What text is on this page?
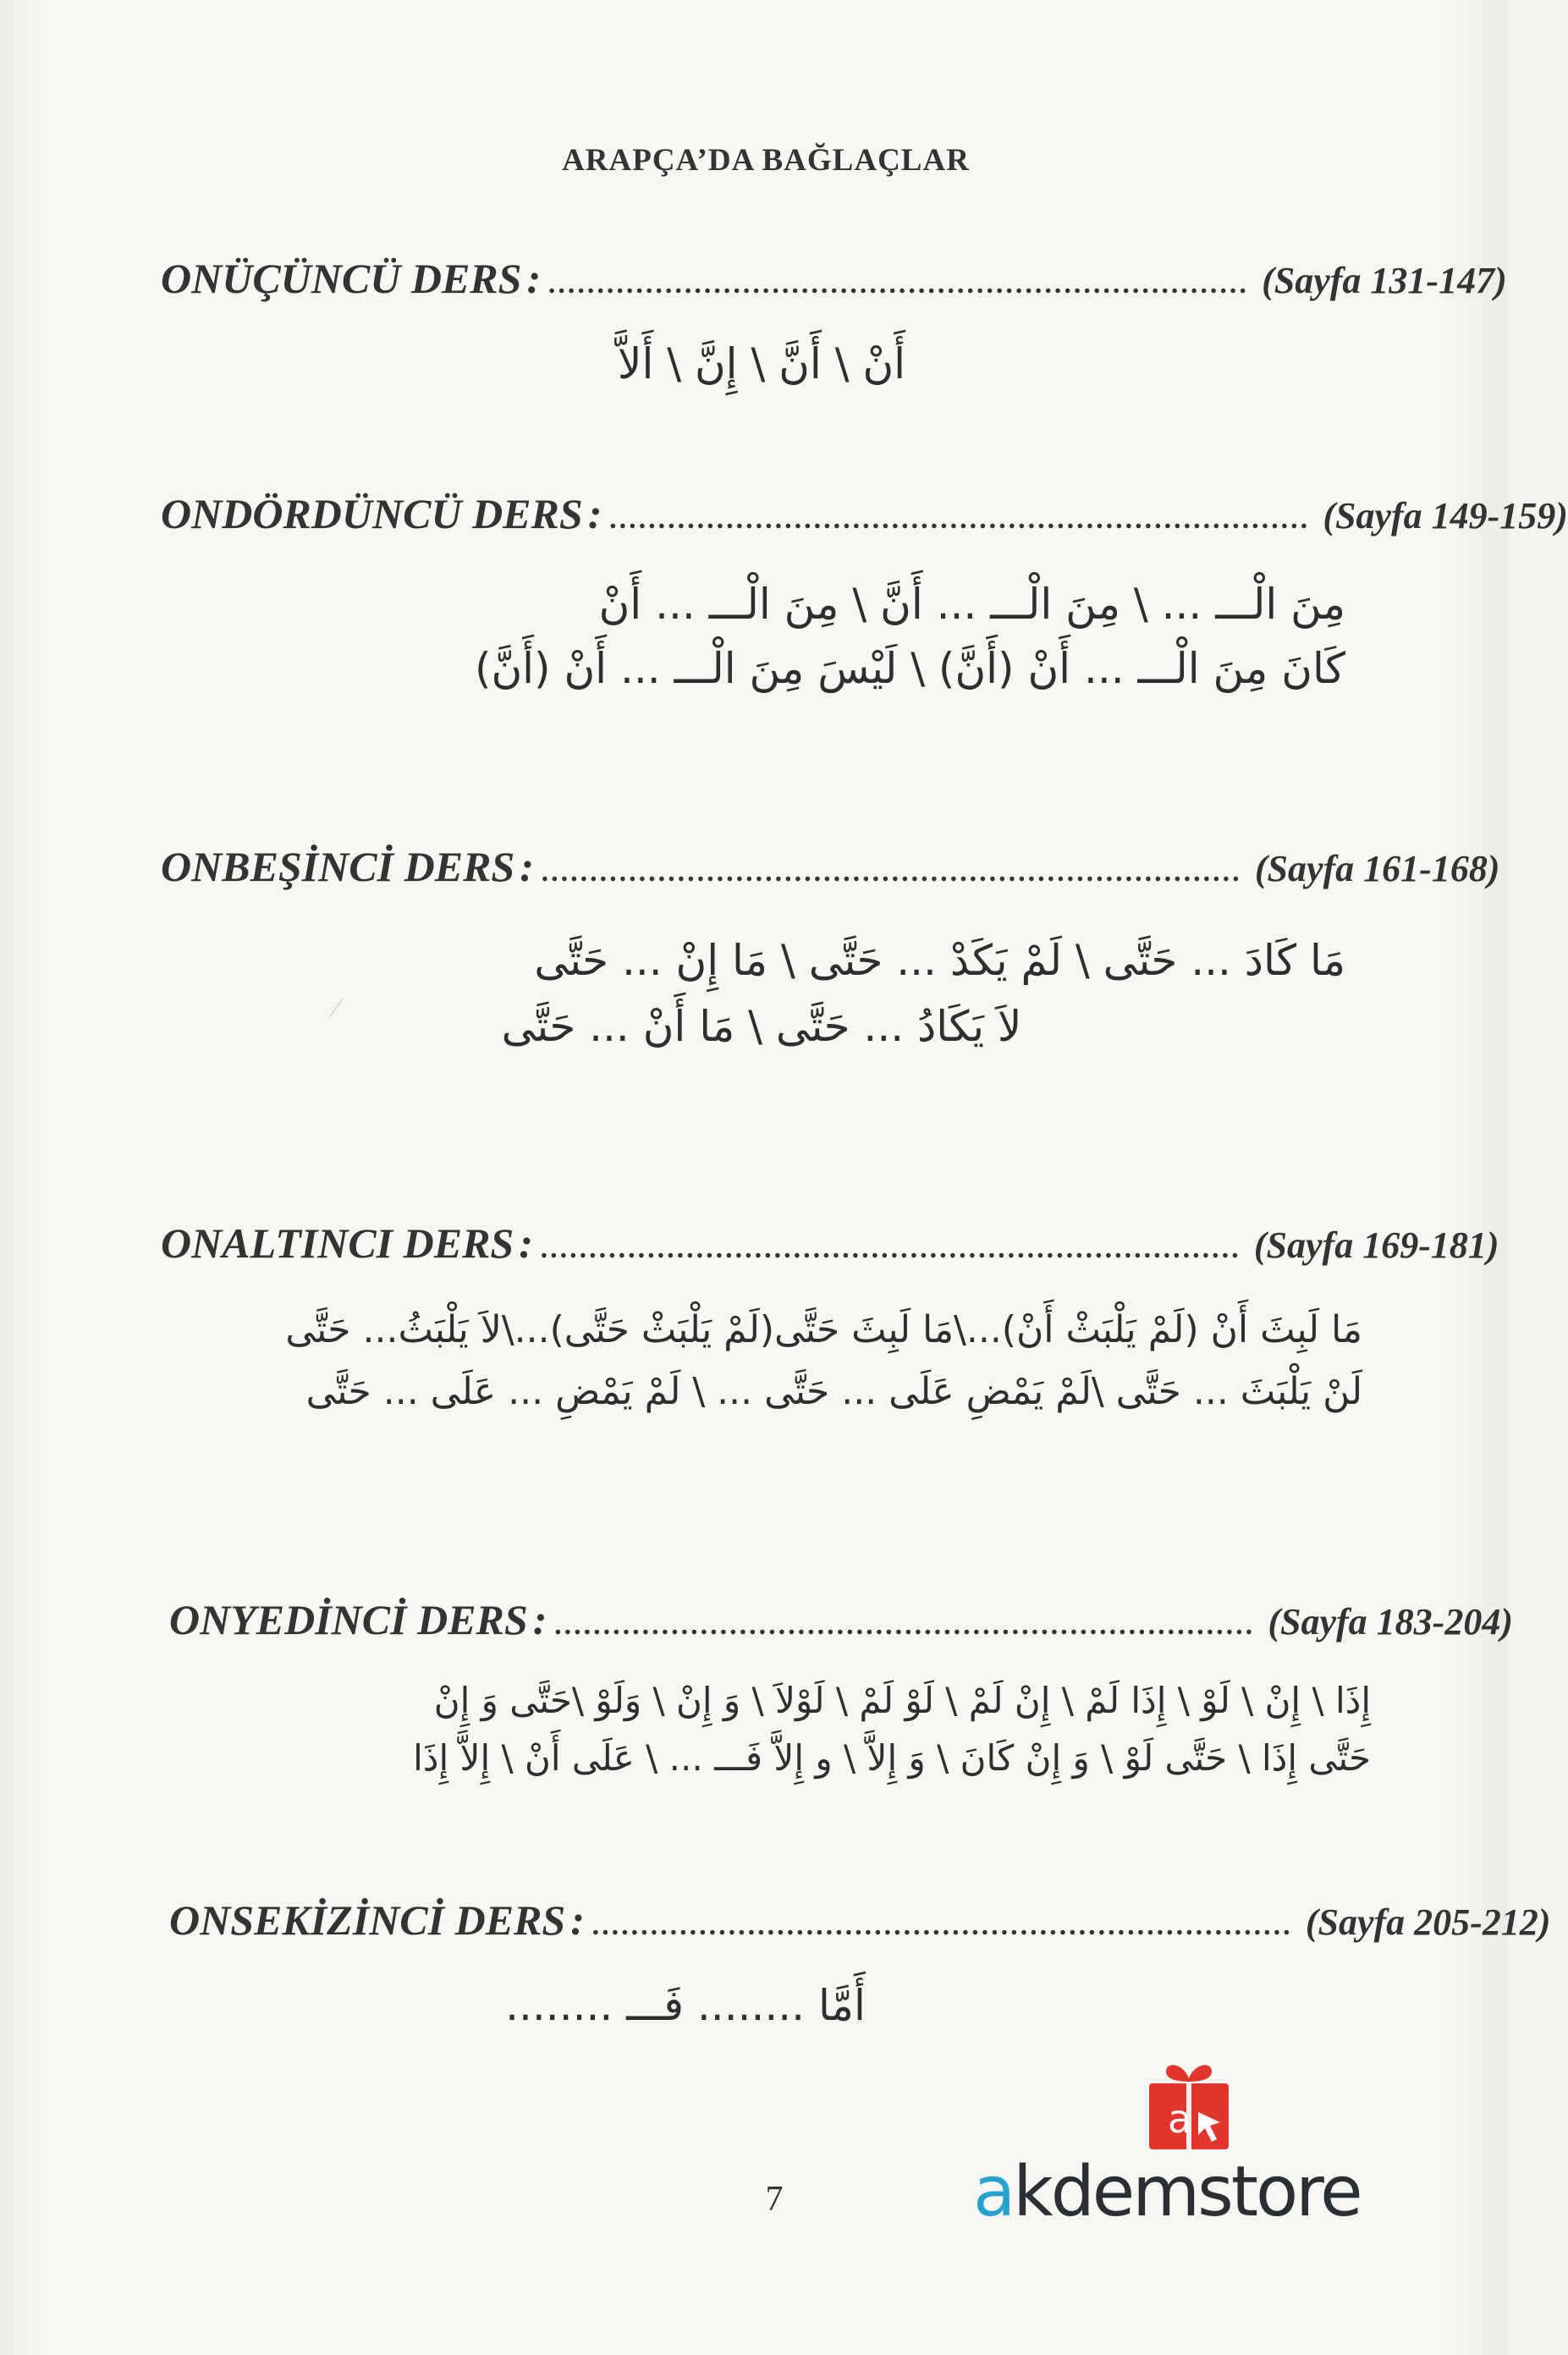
ARAPÇA’DA BAĞLAÇLAR
ONÜÇÜNCÜ DERS : ........................................................................ (Sayfa 131-147)
أَنْ \ أَنَّ \ إِنَّ \ أَلاَّ
ONDÖRDÜNCÜ DERS : ........................................................................ (Sayfa 149-159)
مِنَ الْـــ ... \ مِنَ الْـــ ... أَنَّ \ مِنَ الْـــ ... أَنْ
كَانَ مِنَ الْـــ ... أَنْ (أَنَّ) \ لَيْسَ مِنَ الْـــ ... أَنْ (أَنَّ)
ONBEŞİNCİ DERS : ........................................................................ (Sayfa 161-168)
مَا كَادَ ... حَتَّى \ لَمْ يَكَدْ ... حَتَّى \ مَا إِنْ ... حَتَّى
لاَ يَكَادُ ... حَتَّى \ مَا أَنْ ... حَتَّى
ONALTINCI DERS : ........................................................................ (Sayfa 169-181)
مَا لَبِثَ أَنْ (لَمْ يَلْبَثْ أَنْ)...\مَا لَبِثَ حَتَّى(لَمْ يَلْبَثْ حَتَّى)...\لاَ يَلْبَثُ... حَتَّى
لَنْ يَلْبَثَ ... حَتَّى \لَمْ يَمْضِ عَلَى ... حَتَّى ... \ لَمْ يَمْضِ ... عَلَى ... حَتَّى
ONYEDİNCİ DERS : ........................................................................ (Sayfa 183-204)
إِذَا \ إِنْ \ لَوْ \ إِذَا لَمْ \ إِنْ لَمْ \ لَوْ لَمْ \ لَوْلاَ \ وَ إِنْ \ وَلَوْ \حَتَّى وَ إِنْ
حَتَّى إِذَا \ حَتَّى لَوْ \ وَ إِنْ كَانَ \ وَ إِلاَّ \ و إِلاَّ فَـــ ... \ عَلَى أَنْ \ إِلاَّ إِذَا
ONSEKİZİNCİ DERS : ........................................................................ (Sayfa 205-212)
أَمَّا ........ فَـــ ........
7
a
akdemstore
